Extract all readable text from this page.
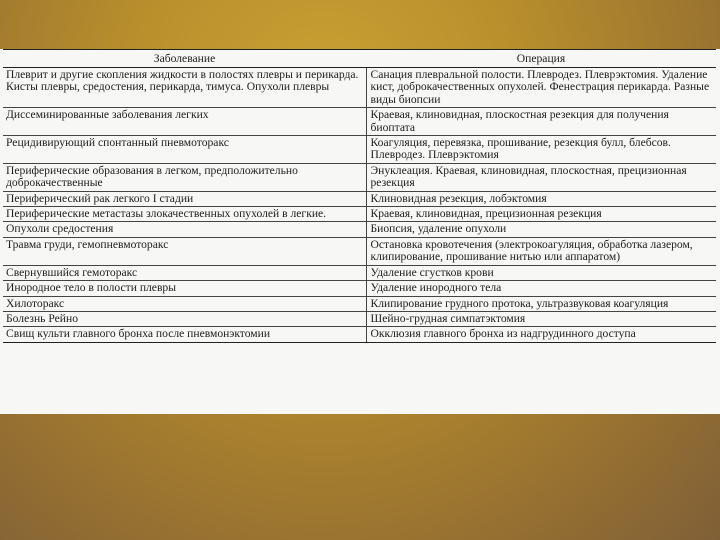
Заболевание	Операция
Плеврит и другие скопления жидкости в полостях плевры и перикарда. Кисты плевры, средостения, перикарда, тимуса. Опухоли плевры	Санация плевральной полости. Плевродез. Плеврэктомия. Удаление кист, доброкачественных опухолей. Фенестрация перикарда. Разные виды биопсии
Диссеминированные заболевания легких	Краевая, клиновидная, плоскостная резекция для получения биоптата
Рецидивирующий спонтанный пневмоторакс	Коагуляция, перевязка, прошивание, резекция булл, блебсов. Плевродез. Плеврэктомия
Периферические образования в легком, предположительно доброкачественные	Энуклеация. Краевая, клиновидная, плоскостная, прецизионная резекция
Периферический рак легкого I стадии	Клиновидная резекция, лобэктомия
Периферические метастазы злокачественных опухолей в легкие.	Краевая, клиновидная, прецизионная резекция
Опухоли средостения	Биопсия, удаление опухоли
Травма груди, гемопневмоторакс	Остановка кровотечения (электрокоагуляция, обработка лазером, клипирование, прошивание нитью или аппаратом)
Свернувшийся гемоторакс	Удаление сгустков крови
Инородное тело в полости плевры	Удаление инородного тела
Хилоторакс	Клипирование грудного протока, ультразвуковая коагуляция
Болезнь Рейно	Шейно-грудная симпатэктомия
Свищ культи главного бронха после пневмонэктомии	Окклюзия главного бронха из надгрудинного доступа
